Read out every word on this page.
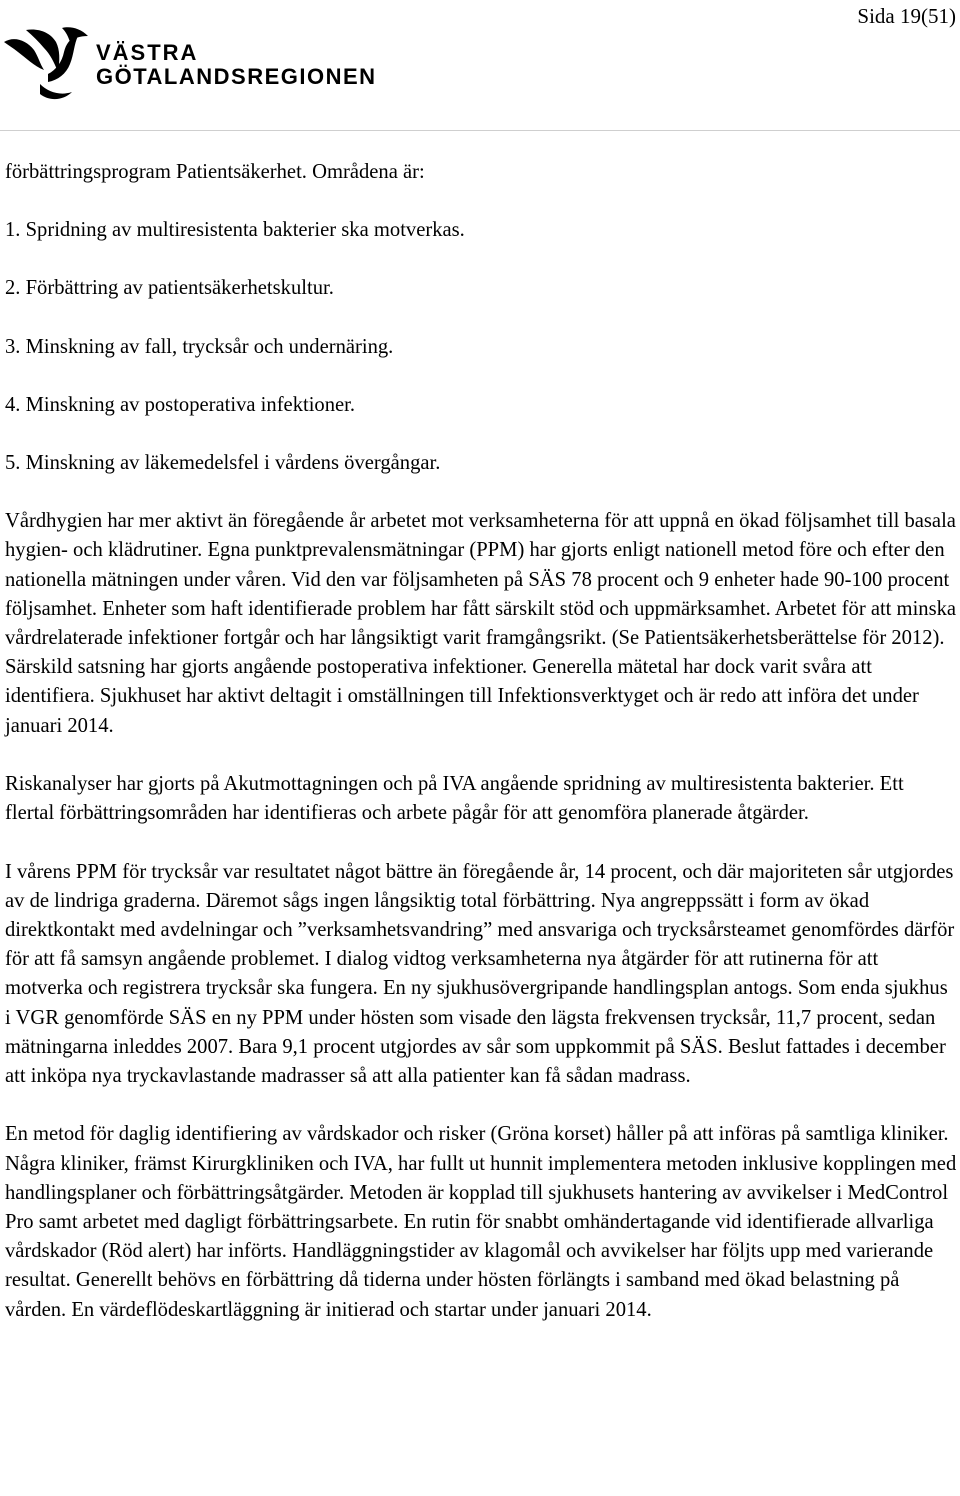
Sida 19(51)
VÄSTRA
GÖTALANDSREGIONEN

förbättringsprogram Patientsäkerhet. Områdena är:

1. Spridning av multiresistenta bakterier ska motverkas.

2. Förbättring av patientsäkerhetskultur.

3. Minskning av fall, trycksår och undernäring.

4. Minskning av postoperativa infektioner.

5. Minskning av läkemedelsfel i vårdens övergångar.

Vårdhygien har mer aktivt än föregående år arbetet mot verksamheterna för att uppnå en ökad följsamhet till basala hygien- och klädrutiner. Egna punktprevalensmätningar (PPM) har gjorts enligt nationell metod före och efter den nationella mätningen under våren. Vid den var följsamheten på SÄS 78 procent och 9 enheter hade 90-100 procent följsamhet. Enheter som haft identifierade problem har fått särskilt stöd och uppmärksamhet. Arbetet för att minska vårdrelaterade infektioner fortgår och har långsiktigt varit framgångsrikt. (Se Patientsäkerhetsberättelse för 2012). Särskild satsning har gjorts angående postoperativa infektioner. Generella mätetal har dock varit svåra att identifiera. Sjukhuset har aktivt deltagit i omställningen till Infektionsverktyget och är redo att införa det under januari 2014.

Riskanalyser har gjorts på Akutmottagningen och på IVA angående spridning av multiresistenta bakterier. Ett flertal förbättringsområden har identifieras och arbete pågår för att genomföra planerade åtgärder.

I vårens PPM för trycksår var resultatet något bättre än föregående år, 14 procent, och där majoriteten sår utgjordes av de lindriga graderna. Däremot sågs ingen långsiktig total förbättring. Nya angreppssätt i form av ökad direktkontakt med avdelningar och ”verksamhetsvandring” med ansvariga och trycksårsteamet genomfördes därför för att få samsyn angående problemet. I dialog vidtog verksamheterna nya åtgärder för att rutinerna för att motverka och registrera trycksår ska fungera. En ny sjukhusövergripande handlingsplan antogs. Som enda sjukhus i VGR genomförde SÄS en ny PPM under hösten som visade den lägsta frekvensen trycksår, 11,7 procent, sedan mätningarna inleddes 2007. Bara 9,1 procent utgjordes av sår som uppkommit på SÄS. Beslut fattades i december att inköpa nya tryckavlastande madrasser så att alla patienter kan få sådan madrass.

En metod för daglig identifiering av vårdskador och risker (Gröna korset) håller på att införas på samtliga kliniker. Några kliniker, främst Kirurgkliniken och IVA, har fullt ut hunnit implementera metoden inklusive kopplingen med handlingsplaner och förbättringsåtgärder. Metoden är kopplad till sjukhusets hantering av avvikelser i MedControl Pro samt arbetet med dagligt förbättringsarbete. En rutin för snabbt omhändertagande vid identifierade allvarliga vårdskador (Röd alert) har införts. Handläggningstider av klagomål och avvikelser har följts upp med varierande resultat. Generellt behövs en förbättring då tiderna under hösten förlängts i samband med ökad belastning på vården. En värdeflödeskartläggning är initierad och startar under januari 2014.
